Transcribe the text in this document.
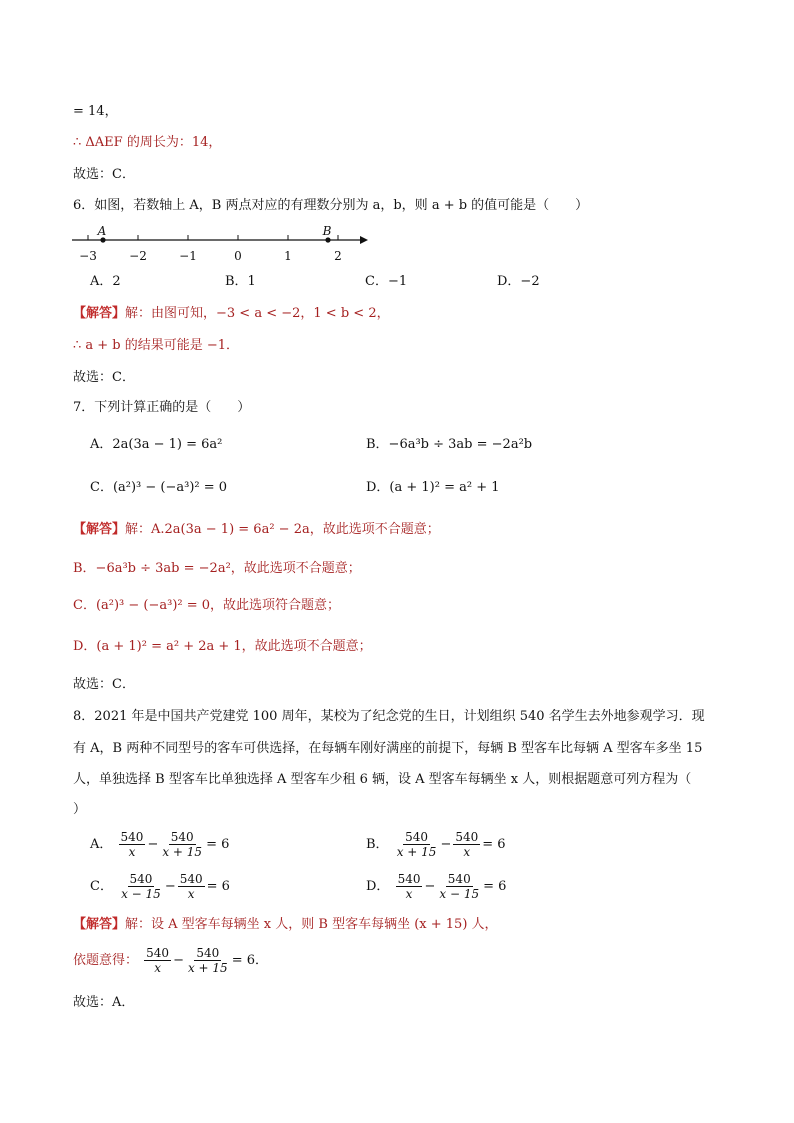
= 14，
∴ ΔAEF 的周长为：14，
故选：C．
6．如图，若数轴上 A，B 两点对应的有理数分别为 a，b，则 a + b 的值可能是（　　）
−3	−2	−1	0	1	2
A	B
A．2	B．1	C．−1	D．−2
【解答】解：由图可知，−3 < a < −2，1 < b < 2，
∴ a + b 的结果可能是 −1．
故选：C．
7．下列计算正确的是（　　）
A．2a(3a − 1) = 6a²	B．−6a³b ÷ 3ab = −2a²b
C．(a²)³ − (−a³)² = 0	D．(a + 1)² = a² + 1
【解答】解：A.2a(3a − 1) = 6a² − 2a，故此选项不合题意；
B．−6a³b ÷ 3ab = −2a²，故此选项不合题意；
C．(a²)³ − (−a³)² = 0，故此选项符合题意；
D．(a + 1)² = a² + 2a + 1，故此选项不合题意；
故选：C．
8．2021 年是中国共产党建党 100 周年，某校为了纪念党的生日，计划组织 540 名学生去外地参观学习．现
有 A，B 两种不同型号的客车可供选择，在每辆车刚好满座的前提下，每辆 B 型客车比每辆 A 型客车多坐 15
人，单独选择 B 型客车比单独选择 A 型客车少租 6 辆，设 A 型客车每辆坐 x 人，则根据题意可列方程为（
）
A． $\frac{540}{x} - \frac{540}{x + 15} = 6$	B． $\frac{540}{x + 15} - \frac{540}{x} = 6$
C． $\frac{540}{x - 15} - \frac{540}{x} = 6$	D． $\frac{540}{x} - \frac{540}{x - 15} = 6$
【解答】解：设 A 型客车每辆坐 x 人，则 B 型客车每辆坐 (x + 15) 人，
依题意得： $\frac{540}{x} - \frac{540}{x + 15} = 6$．
故选：A．
